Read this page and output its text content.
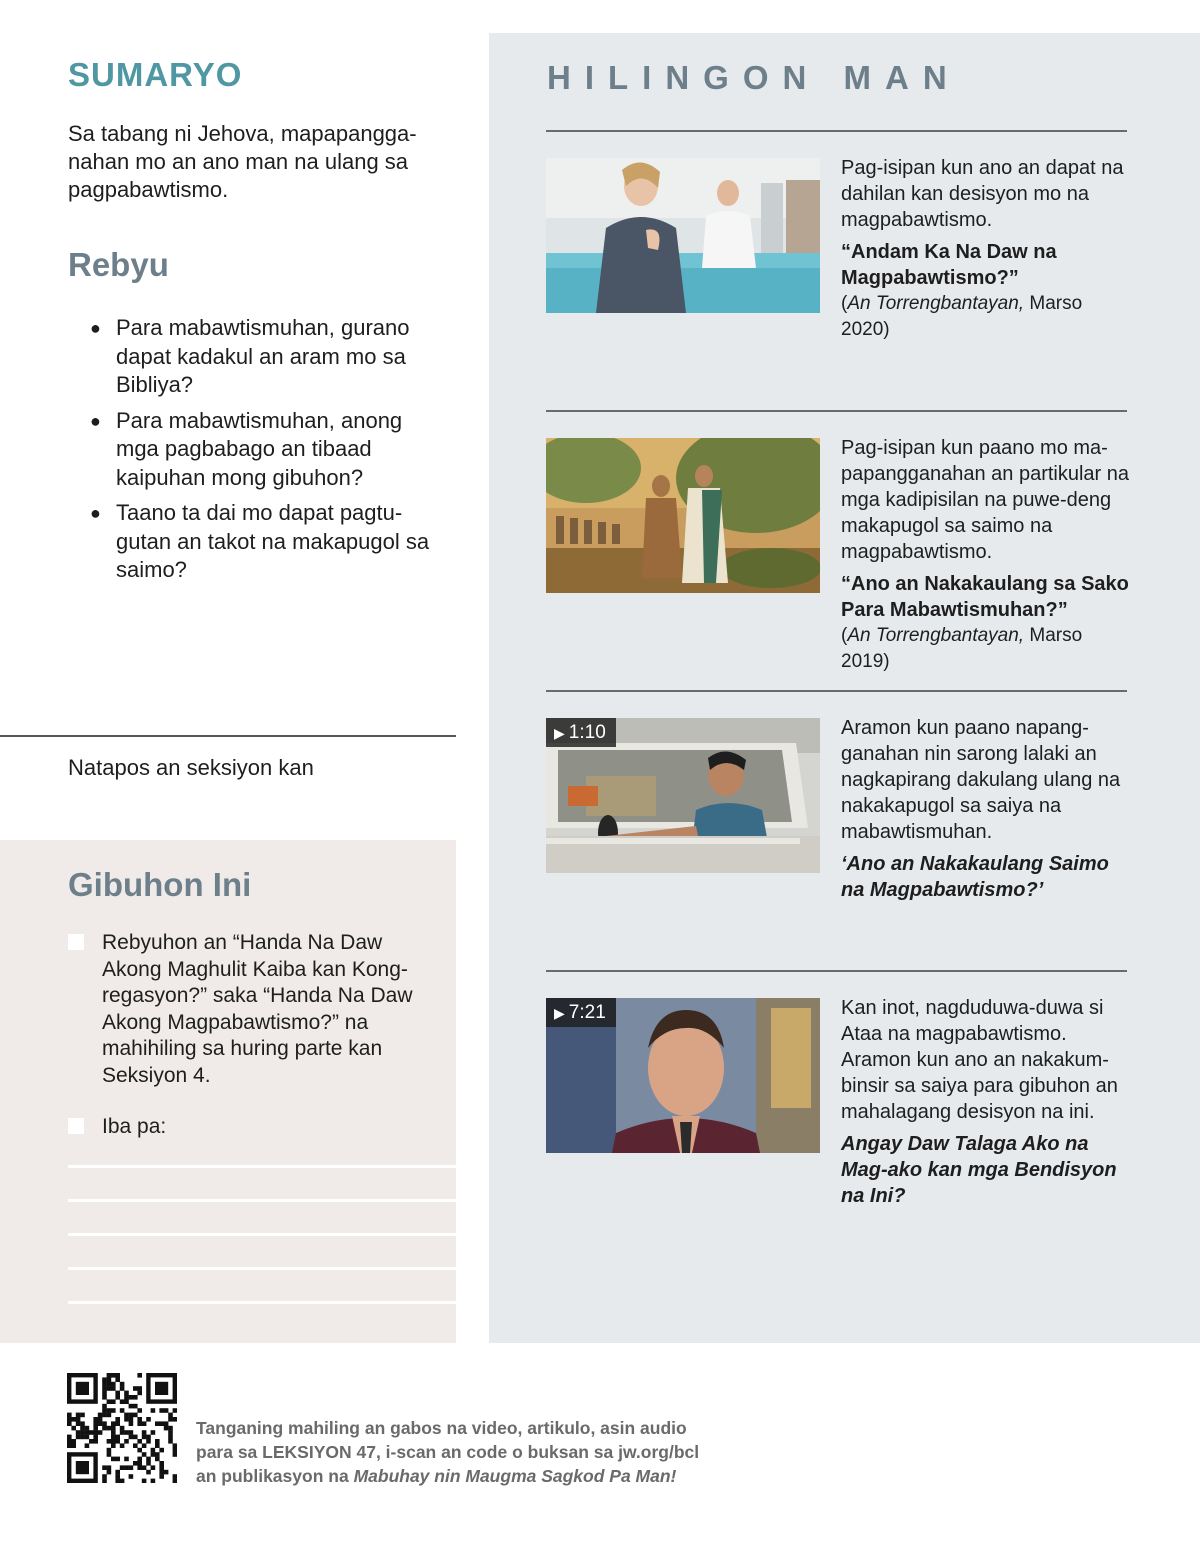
SUMARYO
Sa tabang ni Jehova, mapapangga-nahan mo an ano man na ulang sa pagpabawtismo.
Rebyu
● Para mabawtismuhan, gurano dapat kadakul an aram mo sa Bibliya?
● Para mabawtismuhan, anong mga pagbabago an tibaad kaipuhan mong gibuhon?
● Taano ta dai mo dapat pagtu-gutan an takot na makapugol sa saimo?
Natapos an seksiyon kan
Gibuhon Ini
Rebyuhon an “Handa Na Daw Akong Maghulit Kaiba kan Kong-regasyon?” saka “Handa Na Daw Akong Magpabawtismo?” na mahihiling sa huring parte kan Seksiyon 4.
Iba pa:
HILINGON MAN
Pag-isipan kun ano an dapat na dahilan kan desisyon mo na magpabawtismo.
“Andam Ka Na Daw na Magpabawtismo?”
(An Torrengbantayan, Marso 2020)
Pag-isipan kun paano mo ma-papangganahan an partikular na mga kadipisilan na puwe-deng makapugol sa saimo na magpabawtismo.
“Ano an Nakakaulang sa Sako Para Mabawtismuhan?”
(An Torrengbantayan, Marso 2019)
▶ 1:10	Aramon kun paano napang-ganahan nin sarong lalaki an nagkapirang dakulang ulang na nakakapugol sa saiya na mabawtismuhan.
‘Ano an Nakakaulang Saimo na Magpabawtismo?’
▶ 7:21	Kan inot, nagduduwa-duwa si Ataa na magpabawtismo. Aramon kun ano an nakakum-binsir sa saiya para gibuhon an mahalagang desisyon na ini.
Angay Daw Talaga Ako na Mag-ako kan mga Bendisyon na Ini?
Tanganing mahiling an gabos na video, artikulo, asin audio
para sa LEKSIYON 47, i-scan an code o buksan sa jw.org/bcl
an publikasyon na Mabuhay nin Maugma Sagkod Pa Man!
